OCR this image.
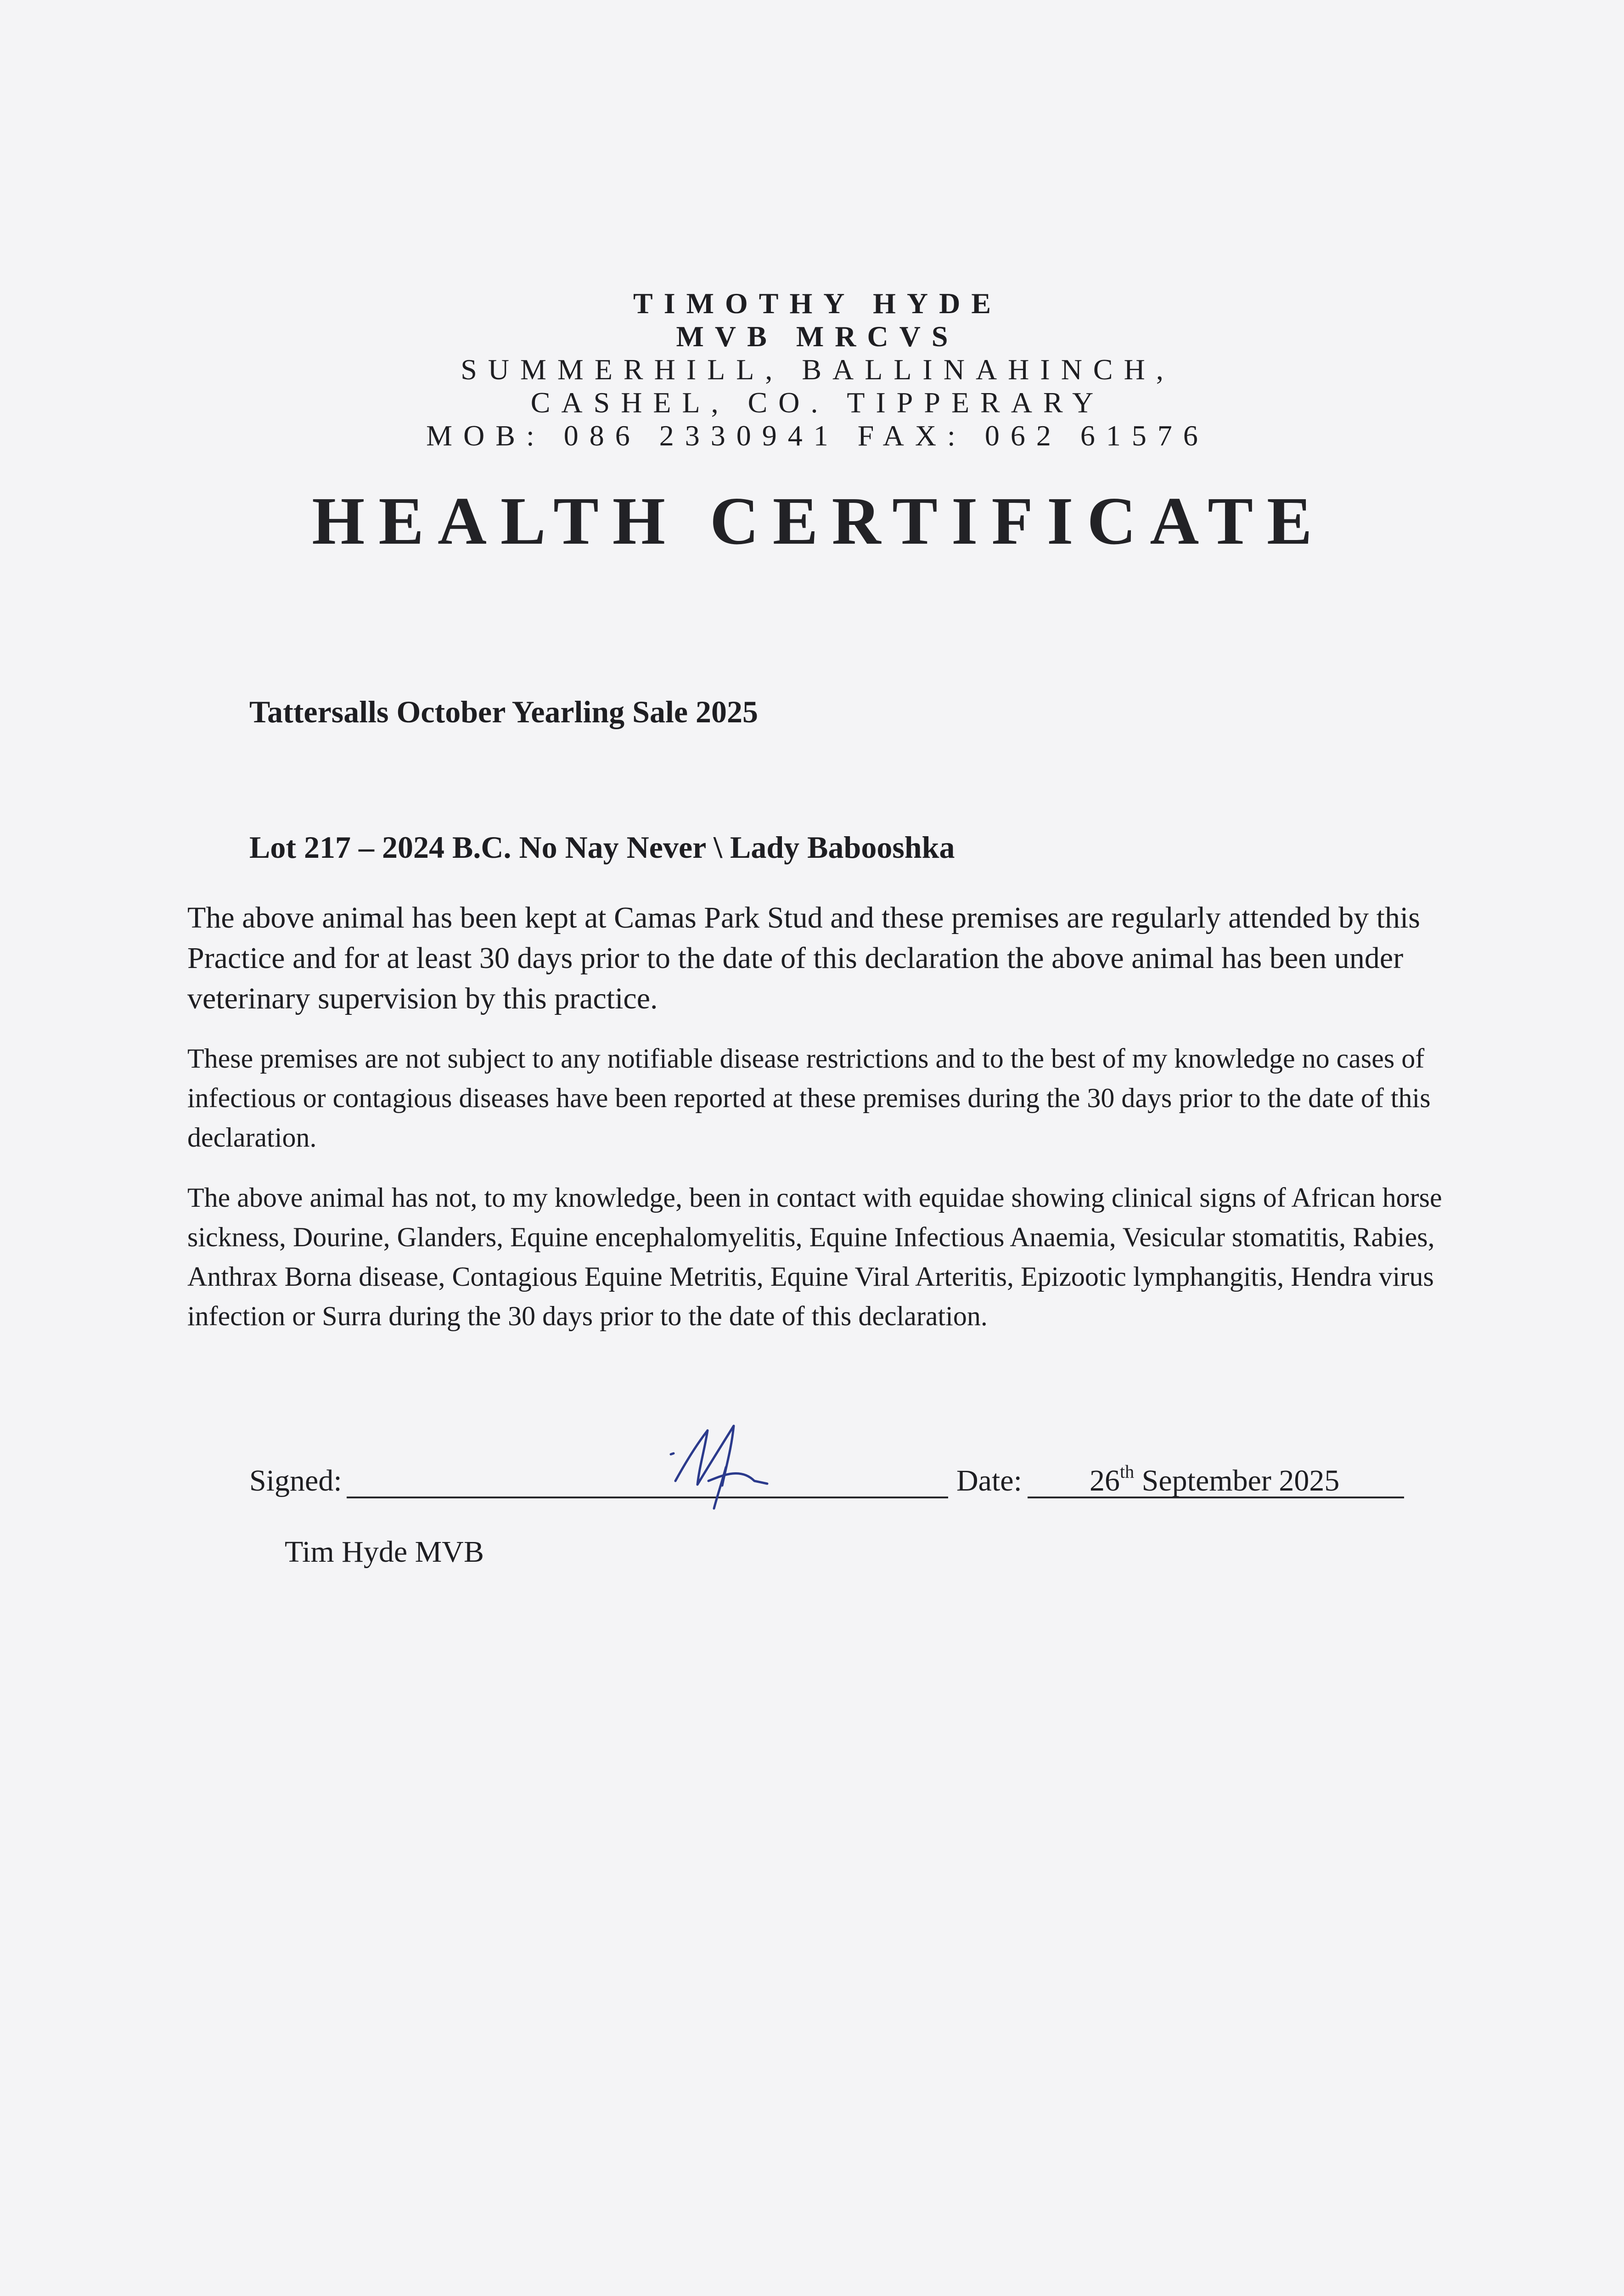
TIMOTHY HYDE
MVB MRCVS
SUMMERHILL, BALLINAHINCH,
CASHEL, CO. TIPPERARY
MOB: 086 2330941 FAX: 062 61576
HEALTH CERTIFICATE
Tattersalls October Yearling Sale 2025
Lot 217 – 2024 B.C. No Nay Never \ Lady Babooshka

The above animal has been kept at Camas Park Stud and these premises are regularly attended by this Practice and for at least 30 days prior to the date of this declaration the above animal has been under veterinary supervision by this practice.

These premises are not subject to any notifiable disease restrictions and to the best of my knowledge no cases of infectious or contagious diseases have been reported at these premises during the 30 days prior to the date of this declaration.

The above animal has not, to my knowledge, been in contact with equidae showing clinical signs of African horse sickness, Dourine, Glanders, Equine encephalomyelitis, Equine Infectious Anaemia, Vesicular stomatitis, Rabies, Anthrax Borna disease, Contagious Equine Metritis, Equine Viral Arteritis, Epizootic lymphangitis, Hendra virus infection or Surra during the 30 days prior to the date of this declaration.

Signed:	Date: 26th September 2025
Tim Hyde MVB
